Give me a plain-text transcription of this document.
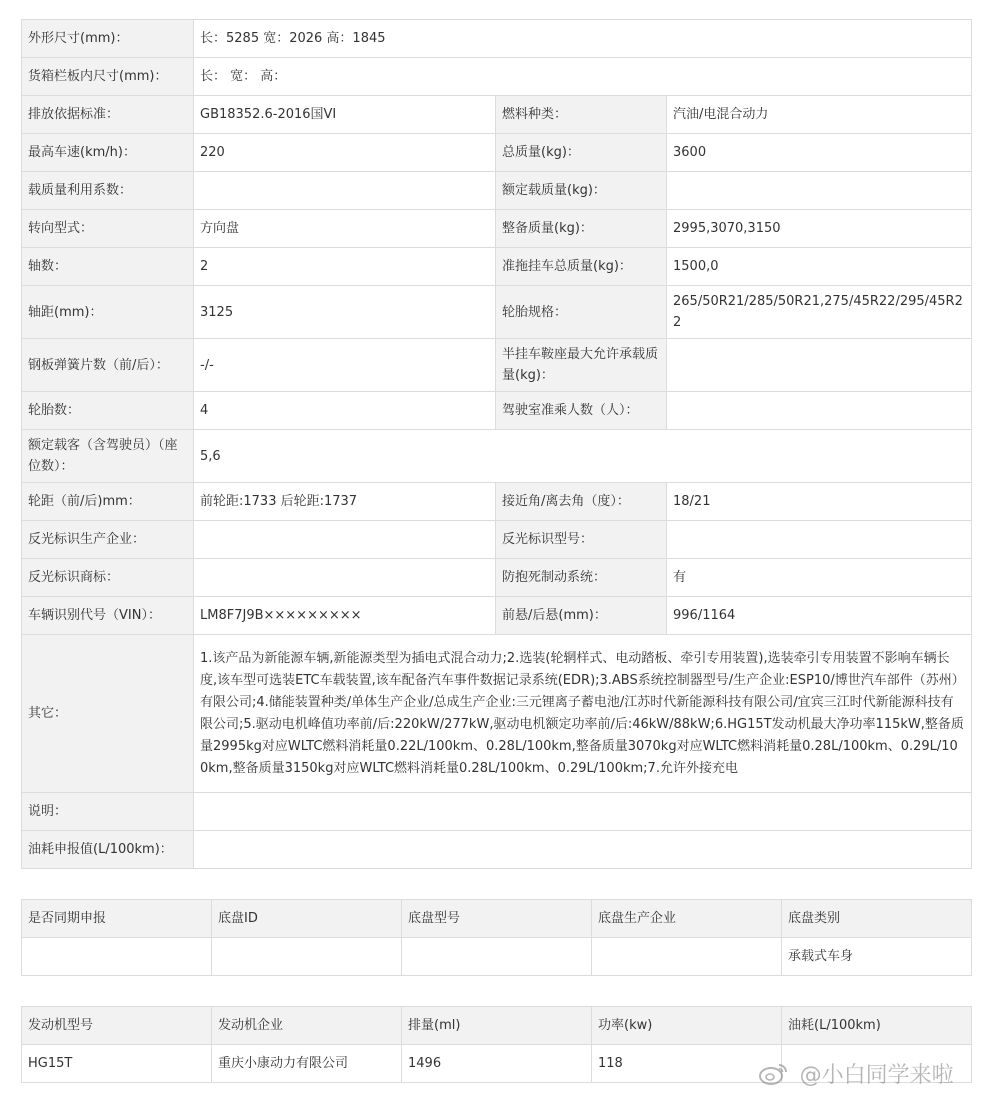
外形尺寸(mm)：	长：5285 宽：2026 高：1845		
货箱栏板内尺寸(mm)：	长： 宽： 高：		
排放依据标准：	GB18352.6-2016国VI	燃料种类：	汽油/电混合动力
最高车速(km/h)：	220	总质量(kg)：	3600
载质量利用系数：		额定载质量(kg)：	
转向型式：	方向盘	整备质量(kg)：	2995,3070,3150
轴数：	2	准拖挂车总质量(kg)：	1500,0
轴距(mm)：	3125	轮胎规格：	265/50R21/285/50R21,275/45R22/295/45R22
钢板弹簧片数（前/后）：	-/-	半挂车鞍座最大允许承载质量(kg)：	
轮胎数：	4	驾驶室准乘人数（人）：	
额定载客（含驾驶员）（座位数）：	5,6		
轮距（前/后)mm：	前轮距:1733 后轮距:1737	接近角/离去角（度）：	18/21
反光标识生产企业：		反光标识型号：	
反光标识商标：		防抱死制动系统：	有
车辆识别代号（VIN）：	LM8F7J9B×××××××××	前悬/后悬(mm)：	996/1164
其它：	1.该产品为新能源车辆,新能源类型为插电式混合动力;2.选装(轮辋样式、电动踏板、牵引专用装置),选装牵引专用装置不影响车辆长度,该车型可选装ETC车载装置,该车配备汽车事件数据记录系统(EDR);3.ABS系统控制器型号/生产企业:ESP10/博世汽车部件（苏州）有限公司;4.储能装置种类/单体生产企业/总成生产企业:三元锂离子蓄电池/江苏时代新能源科技有限公司/宜宾三江时代新能源科技有限公司;5.驱动电机峰值功率前/后:220kW/277kW,驱动电机额定功率前/后:46kW/88kW;6.HG15T发动机最大净功率115kW,整备质量2995kg对应WLTC燃料消耗量0.22L/100km、0.28L/100km,整备质量3070kg对应WLTC燃料消耗量0.28L/100km、0.29L/100km,整备质量3150kg对应WLTC燃料消耗量0.28L/100km、0.29L/100km;7.允许外接充电		
说明：			
油耗申报值(L/100km)：			
是否同期申报	底盘ID	底盘型号	底盘生产企业	底盘类别
				承载式车身
发动机型号	发动机企业	排量(ml)	功率(kw)	油耗(L/100km)
HG15T	重庆小康动力有限公司	1496	118		@小白同学来啦
